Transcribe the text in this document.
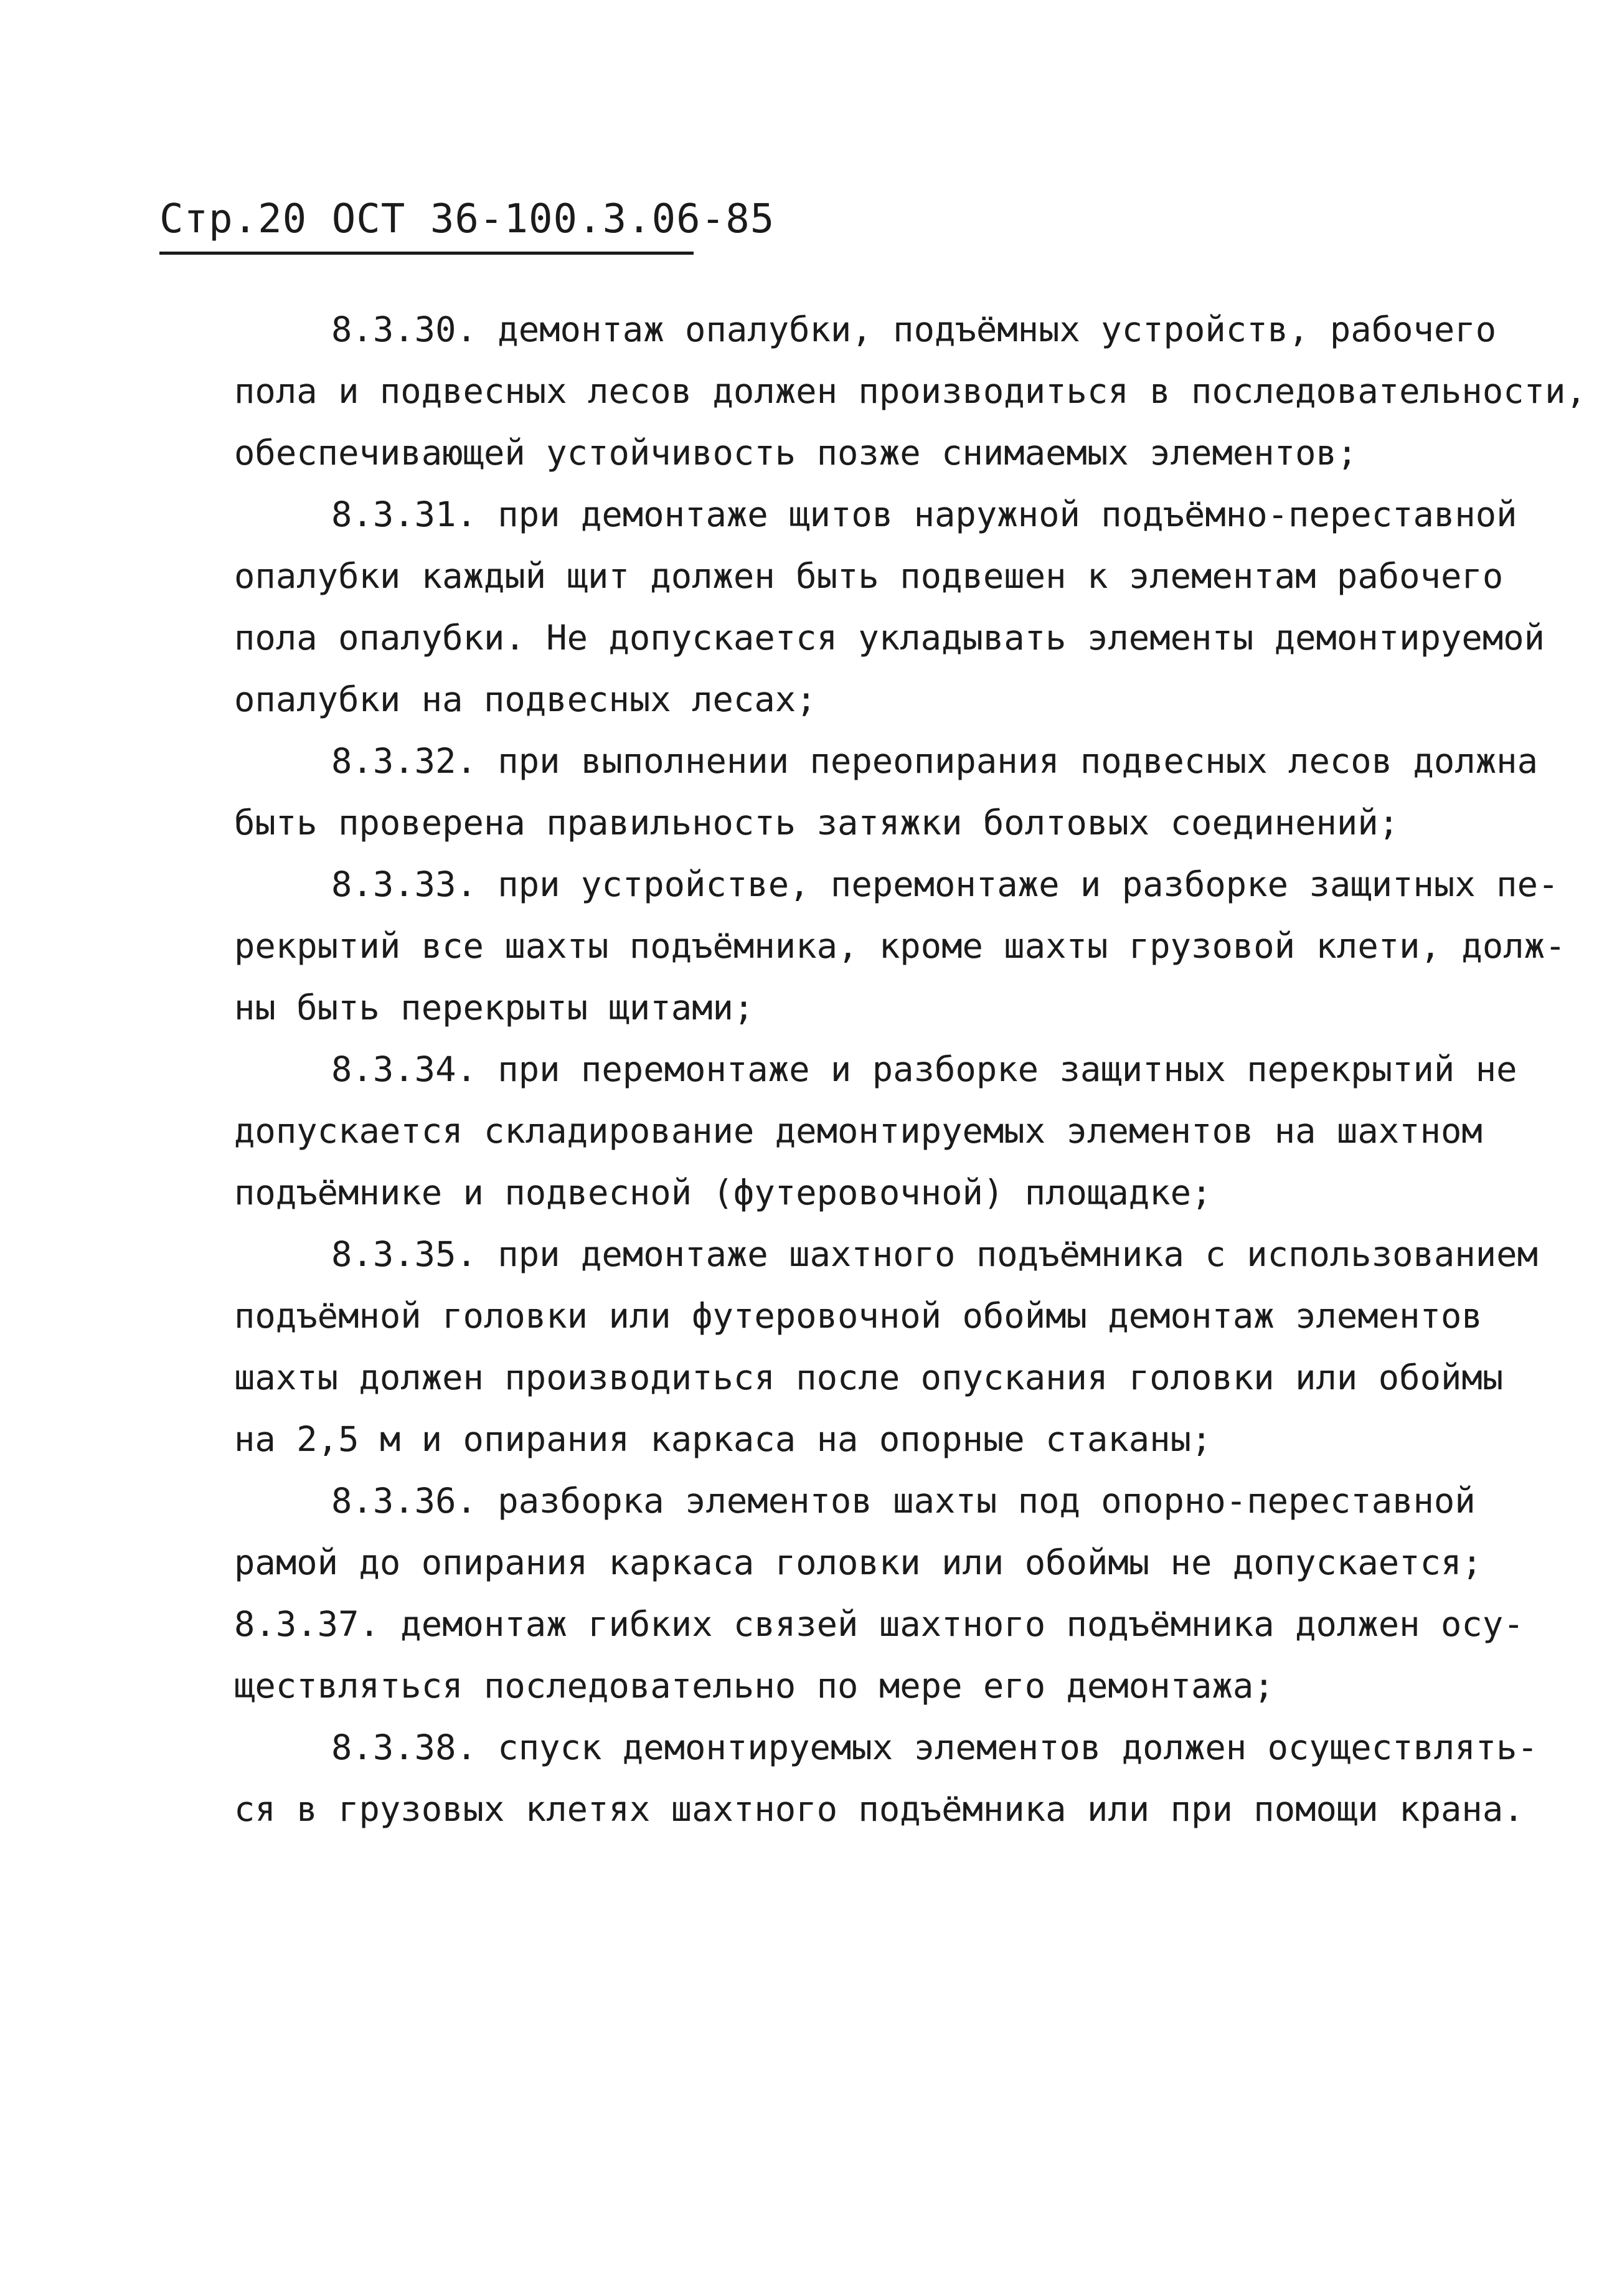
Стр.20 ОСТ 36-100.3.06-85
8.3.30. демонтаж опалубки, подъёмных устройств, рабочего
пола и подвесных лесов должен производиться в последовательности,
обеспечивающей устойчивость позже снимаемых элементов;
8.3.31. при демонтаже щитов наружной подъёмно-переставной
опалубки каждый щит должен быть подвешен к элементам рабочего
пола опалубки. Не допускается укладывать элементы демонтируемой
опалубки на подвесных лесах;
8.3.32. при выполнении переопирания подвесных лесов должна
быть проверена правильность затяжки болтовых соединений;
8.3.33. при устройстве, перемонтаже и разборке защитных пе-
рекрытий все шахты подъёмника, кроме шахты грузовой клети, долж-
ны быть перекрыты щитами;
8.3.34. при перемонтаже и разборке защитных перекрытий не
допускается складирование демонтируемых элементов на шахтном
подъёмнике и подвесной (футеровочной) площадке;
8.3.35. при демонтаже шахтного подъёмника с использованием
подъёмной головки или футеровочной обоймы демонтаж элементов
шахты должен производиться после опускания головки или обоймы
на 2,5 м и опирания каркаса на опорные стаканы;
8.3.36. разборка элементов шахты под опорно-переставной
рамой до опирания каркаса головки или обоймы не допускается;
8.3.37. демонтаж гибких связей шахтного подъёмника должен осу-
ществляться последовательно по мере его демонтажа;
8.3.38. спуск демонтируемых элементов должен осуществлять-
ся в грузовых клетях шахтного подъёмника или при помощи крана.
